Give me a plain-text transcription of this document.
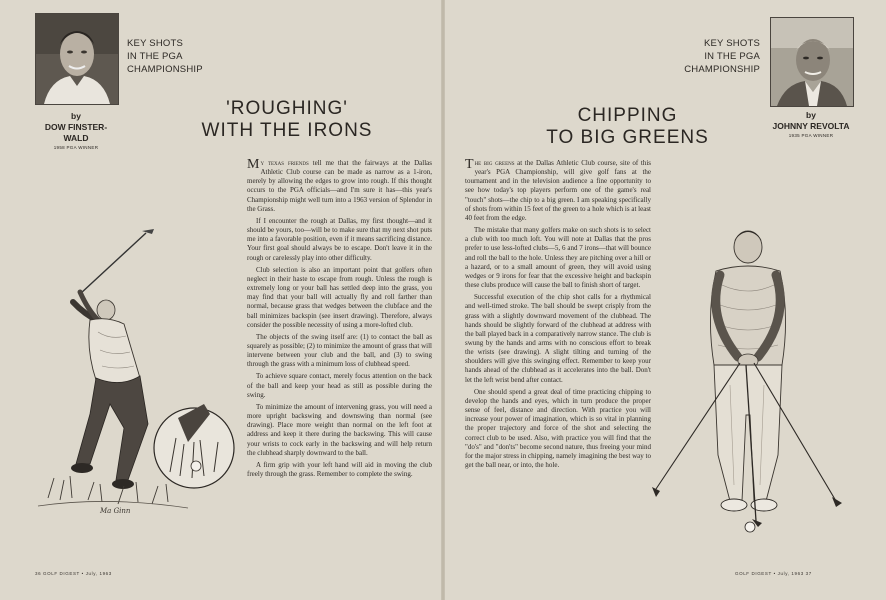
KEY SHOTS
IN THE PGA
CHAMPIONSHIP
by
DOW FINSTER-
WALD
1958 PGA WINNER
'ROUGHING'
WITH THE IRONS
Ma Ginn

My texas friends tell me that the fairways at the Dallas Athletic Club course can be made as narrow as a 1-iron, merely by allowing the edges to grow into rough. If this thought occurs to the PGA officials—and I'm sure it has—this year's Championship might well turn into a 1963 version of Splendor in the Grass.

If I encounter the rough at Dallas, my first thought—and it should be yours, too—will be to make sure that my next shot puts me into a favorable position, even if it means sacrificing distance. Your first goal should always be to escape. Don't leave it in the rough or carelessly play into other difficulty.

Club selection is also an important point that golfers often neglect in their haste to escape from rough. Unless the rough is extremely long or your ball has settled deep into the grass, you may find that your ball will actually fly and roll farther than normal, because grass that wedges between the clubface and the ball minimizes backspin (see insert drawing). Therefore, always consider the possible necessity of using a more-lofted club.

The objects of the swing itself are: (1) to contact the ball as squarely as possible; (2) to minimize the amount of grass that will intervene between your club and the ball, and (3) to swing through the grass with a minimum loss of clubhead speed.

To achieve square contact, merely focus attention on the back of the ball and keep your head as still as possible during the swing.

To minimize the amount of intervening grass, you will need a more upright backswing and downswing than normal (see drawing). Place more weight than normal on the left foot at address and keep it there during the backswing. This will cause your wrists to cock early in the backswing and will help return the clubhead sharply downward to the ball.

A firm grip with your left hand will aid in moving the club freely through the grass. Remember to complete the swing.

36 GOLF DIGEST • July, 1963
KEY SHOTS
IN THE PGA
CHAMPIONSHIP
CHIPPING
TO BIG GREENS
by
JOHNNY REVOLTA
1935 PGA WINNER

The big greens at the Dallas Athletic Club course, site of this year's PGA Championship, will give golf fans at the tournament and in the television audience a fine opportunity to see how today's top players perform one of the game's real "touch" shots—the chip to a big green. I am speaking specifically of shots from within 15 feet of the green to a hole which is at least 40 feet from the edge.

The mistake that many golfers make on such shots is to select a club with too much loft. You will note at Dallas that the pros prefer to use less-lofted clubs—5, 6 and 7 irons—that will bounce and roll the ball to the hole. Unless they are pitching over a hill or a hazard, or to a small amount of green, they will avoid using wedges or 9 irons for fear that the excessive height and backspin these clubs produce will cause the ball to finish short of target.

Successful execution of the chip shot calls for a rhythmical and well-timed stroke. The ball should be swept crisply from the grass with a slightly downward movement of the clubhead. The hands should be slightly forward of the clubhead at address with the ball played back in a comparatively narrow stance. The club is swung by the hands and arms with no conscious effort to break the wrists (see drawing). A slight tilting and turning of the shoulders will give this swinging effect. Remember to keep your hands ahead of the clubhead as it accelerates into the ball. Don't let the left wrist bend after contact.

One should spend a great deal of time practicing chipping to develop the hands and eyes, which in turn produce the proper sense of feel, distance and direction. With practice you will increase your power of imagination, which is so vital in planning the proper trajectory and force of the shot and selecting the correct club to be used. Also, with practice you will find that the "do's" and "don'ts" become second nature, thus freeing your mind for the major stress in chipping, namely imagining the best way to get the ball near, or into, the hole.

GOLF DIGEST • July, 1963 37
